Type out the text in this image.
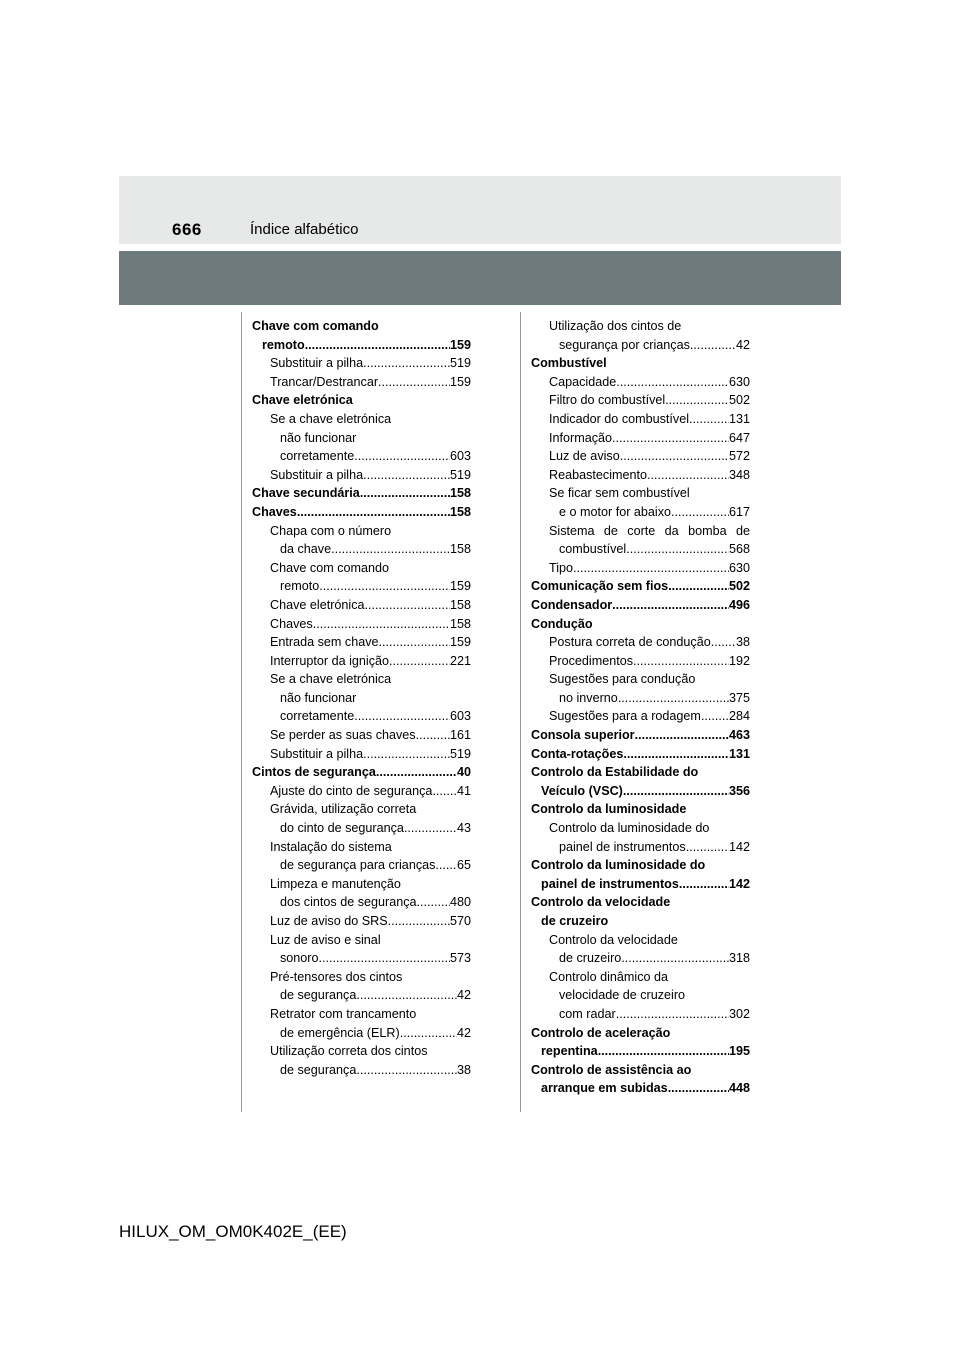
666	Índice alfabético
Chave com comando
remoto .....	159
Substituir a pilha .....	519
Trancar/Destrancar .....	159
Chave eletrónica
Se a chave eletrónica
não funcionar
corretamente .....	603
Substituir a pilha .....	519
Chave secundária .....	158
Chaves .....	158
Chapa com o número
da chave .....	158
Chave com comando
remoto .....	159
Chave eletrónica .....	158
Chaves .....	158
Entrada sem chave .....	159
Interruptor da ignição .....	221
Se a chave eletrónica
não funcionar
corretamente .....	603
Se perder as suas chaves .....	161
Substituir a pilha .....	519
Cintos de segurança .....	40
Ajuste do cinto de segurança ..... 41
Grávida, utilização correta
do cinto de segurança .....	43
Instalação do sistema
de segurança para crianças ..... 65
Limpeza e manutenção
dos cintos de segurança .....	480
Luz de aviso do SRS .....	570
Luz de aviso e sinal
sonoro .....	573
Pré-tensores dos cintos
de segurança .....	42
Retrator com trancamento
de emergência (ELR) .....	42
Utilização correta dos cintos
de segurança .....	38
Utilização dos cintos de
segurança por crianças .....	42
Combustível
Capacidade .....	630
Filtro do combustível .....	502
Indicador do combustível .....	131
Informação .....	647
Luz de aviso .....	572
Reabastecimento .....	348
Se ficar sem combustível
e o motor for abaixo .....	617
Sistema de corte da bomba de
combustível .....	568
Tipo .....	630
Comunicação sem fios .....	502
Condensador .....	496
Condução
Postura correta de condução ..... 38
Procedimentos .....	192
Sugestões para condução
no inverno .....	375
Sugestões para a rodagem ..... 284
Consola superior .....	463
Conta-rotações .....	131
Controlo da Estabilidade do
Veículo (VSC) .....	356
Controlo da luminosidade
Controlo da luminosidade do
painel de instrumentos .....	142
Controlo da luminosidade do
painel de instrumentos .....	142
Controlo da velocidade
de cruzeiro
Controlo da velocidade
de cruzeiro .....	318
Controlo dinâmico da
velocidade de cruzeiro
com radar .....	302
Controlo de aceleração
repentina .....	195
Controlo de assistência ao
arranque em subidas .....	448
HILUX_OM_OM0K402E_(EE)
